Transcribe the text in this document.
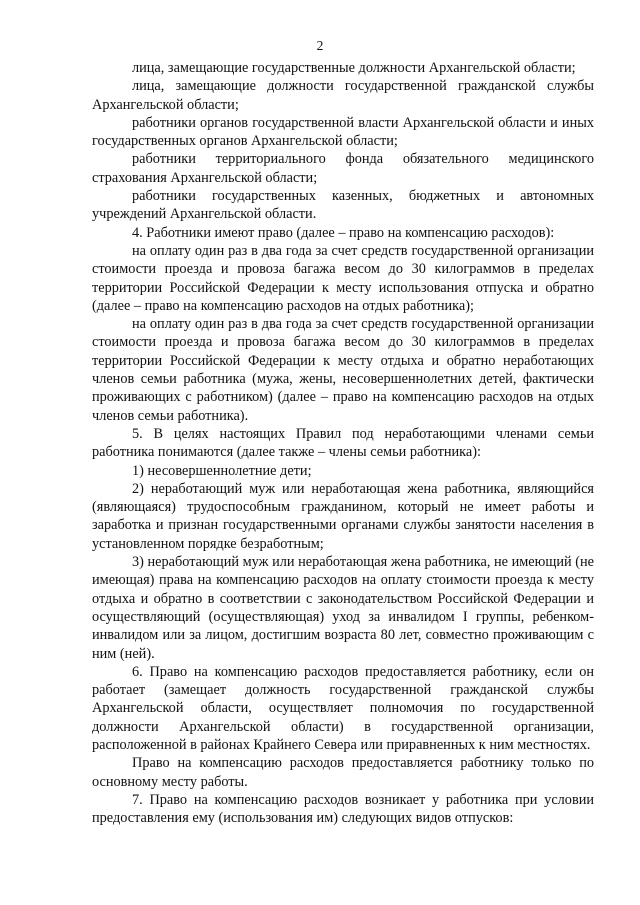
2

лица, замещающие государственные должности Архангельской области;

лица, замещающие должности государственной гражданской службы Архангельской области;

работники органов государственной власти Архангельской области и иных государственных органов Архангельской области;

работники территориального фонда обязательного медицинского страхования Архангельской области;

работники государственных казенных, бюджетных и автономных учреждений Архангельской области.

4. Работники имеют право (далее – право на компенсацию расходов):

на оплату один раз в два года за счет средств государственной организации стоимости проезда и провоза багажа весом до 30 килограммов в пределах территории Российской Федерации к месту использования отпуска и обратно (далее – право на компенсацию расходов на отдых работника);

на оплату один раз в два года за счет средств государственной организации стоимости проезда и провоза багажа весом до 30 килограммов в пределах территории Российской Федерации к месту отдыха и обратно неработающих членов семьи работника (мужа, жены, несовершеннолетних детей, фактически проживающих с работником) (далее – право на компенсацию расходов на отдых членов семьи работника).

5. В целях настоящих Правил под неработающими членами семьи работника понимаются (далее также – члены семьи работника):

1) несовершеннолетние дети;

2) неработающий муж или неработающая жена работника, являющийся (являющаяся) трудоспособным гражданином, который не имеет работы и заработка и признан государственными органами службы занятости населения в установленном порядке безработным;

3) неработающий муж или неработающая жена работника, не имеющий (не имеющая) права на компенсацию расходов на оплату стоимости проезда к месту отдыха и обратно в соответствии с законодательством Российской Федерации и осуществляющий (осуществляющая) уход за инвалидом I группы, ребенком-инвалидом или за лицом, достигшим возраста 80 лет, совместно проживающим с ним (ней).

6. Право на компенсацию расходов предоставляется работнику, если он работает (замещает должность государственной гражданской службы Архангельской области, осуществляет полномочия по государственной должности Архангельской области) в государственной организации, расположенной в районах Крайнего Севера или приравненных к ним местностях.

Право на компенсацию расходов предоставляется работнику только по основному месту работы.

7. Право на компенсацию расходов возникает у работника при условии предоставления ему (использования им) следующих видов отпусков:
